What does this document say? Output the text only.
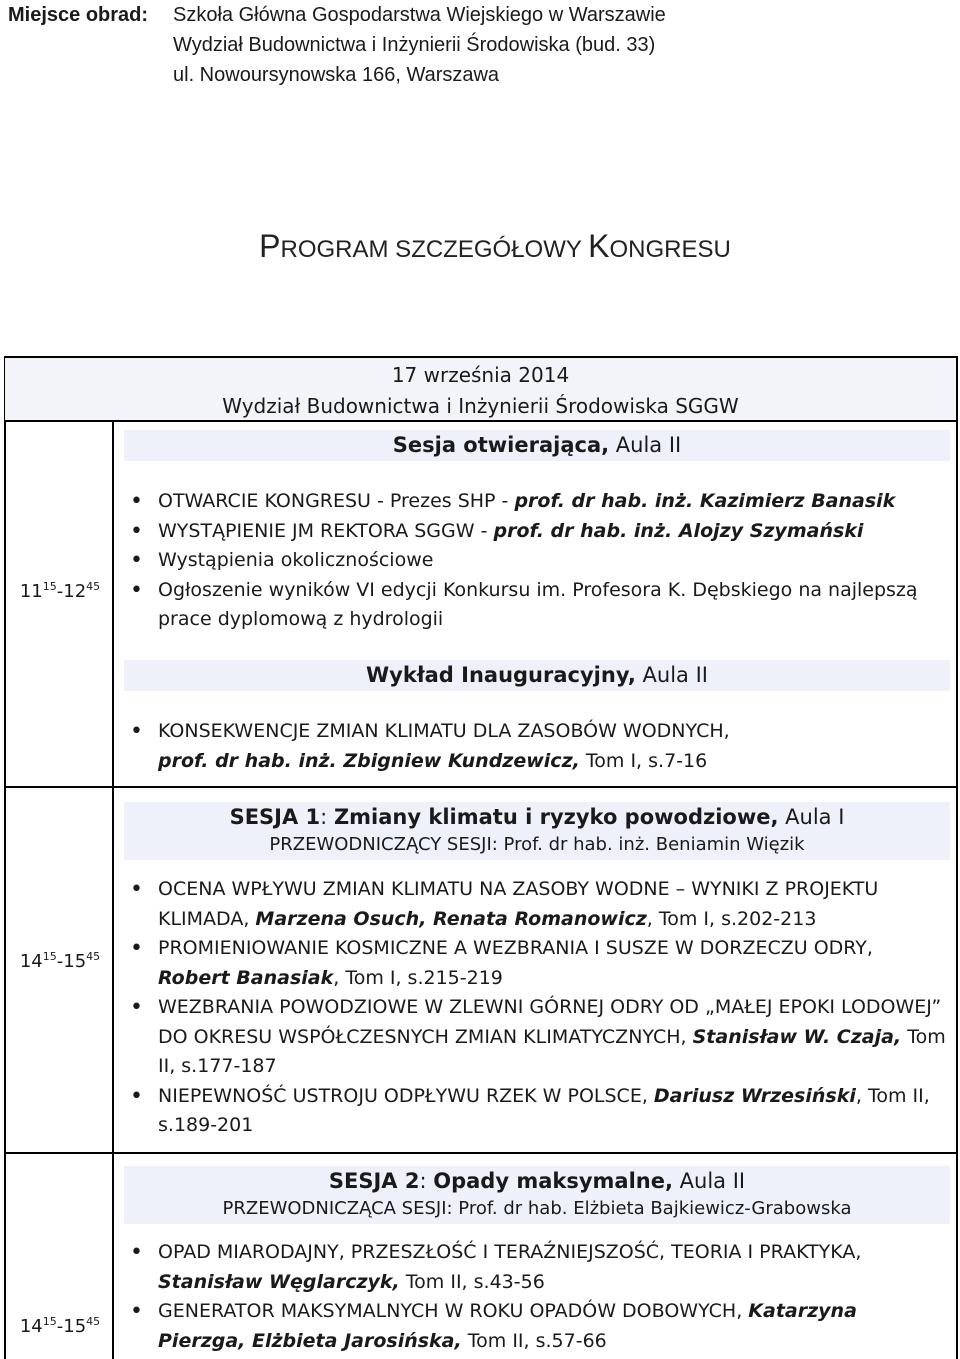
Miejsce obrad:	Szkoła Główna Gospodarstwa Wiejskiego w Warszawie
Wydział Budownictwa i Inżynierii Środowiska (bud. 33)
ul. Nowoursynowska 166, Warszawa
PROGRAM SZCZEGÓŁOWY KONGRESU
17 września 2014
Wydział Budownictwa i Inżynierii Środowiska SGGW
$11^{15}-12^{45}$
Sesja otwierająca, Aula II
• OTWARCIE KONGRESU - Prezes SHP - prof. dr hab. inż. Kazimierz Banasik
• WYSTĄPIENIE JM REKTORA SGGW - prof. dr hab. inż. Alojzy Szymański
• Wystąpienia okolicznościowe
• Ogłoszenie wyników VI edycji Konkursu im. Profesora K. Dębskiego na najlepszą prace dyplomową z hydrologii
Wykład Inauguracyjny, Aula II
• KONSEKWENCJE ZMIAN KLIMATU DLA ZASOBÓW WODNYCH,
prof. dr hab. inż. Zbigniew Kundzewicz, Tom I, s.7-16
$14^{15}-15^{45}$
SESJA 1: Zmiany klimatu i ryzyko powodziowe, Aula I
PRZEWODNICZĄCY SESJI: Prof. dr hab. inż. Beniamin Więzik
• OCENA WPŁYWU ZMIAN KLIMATU NA ZASOBY WODNE – WYNIKI Z PROJEKTU KLIMADA, Marzena Osuch, Renata Romanowicz, Tom I, s.202-213
• PROMIENIOWANIE KOSMICZNE A WEZBRANIA I SUSZE W DORZECZU ODRY, Robert Banasiak, Tom I, s.215-219
• WEZBRANIA POWODZIOWE W ZLEWNI GÓRNEJ ODRY OD „MAŁEJ EPOKI LODOWEJ” DO OKRESU WSPÓŁCZESNYCH ZMIAN KLIMATYCZNYCH, Stanisław W. Czaja, Tom II, s.177-187
• NIEPEWNOŚĆ USTROJU ODPŁYWU RZEK W POLSCE, Dariusz Wrzesiński, Tom II, s.189-201
$14^{15}-15^{45}$
SESJA 2: Opady maksymalne, Aula II
PRZEWODNICZĄCA SESJI: Prof. dr hab. Elżbieta Bajkiewicz-Grabowska
• OPAD MIARODAJNY, PRZESZŁOŚĆ I TERAŹNIEJSZOŚĆ, TEORIA I PRAKTYKA, Stanisław Węglarczyk, Tom II, s.43-56
• GENERATOR MAKSYMALNYCH W ROKU OPADÓW DOBOWYCH, Katarzyna Pierzga, Elżbieta Jarosińska, Tom II, s.57-66
